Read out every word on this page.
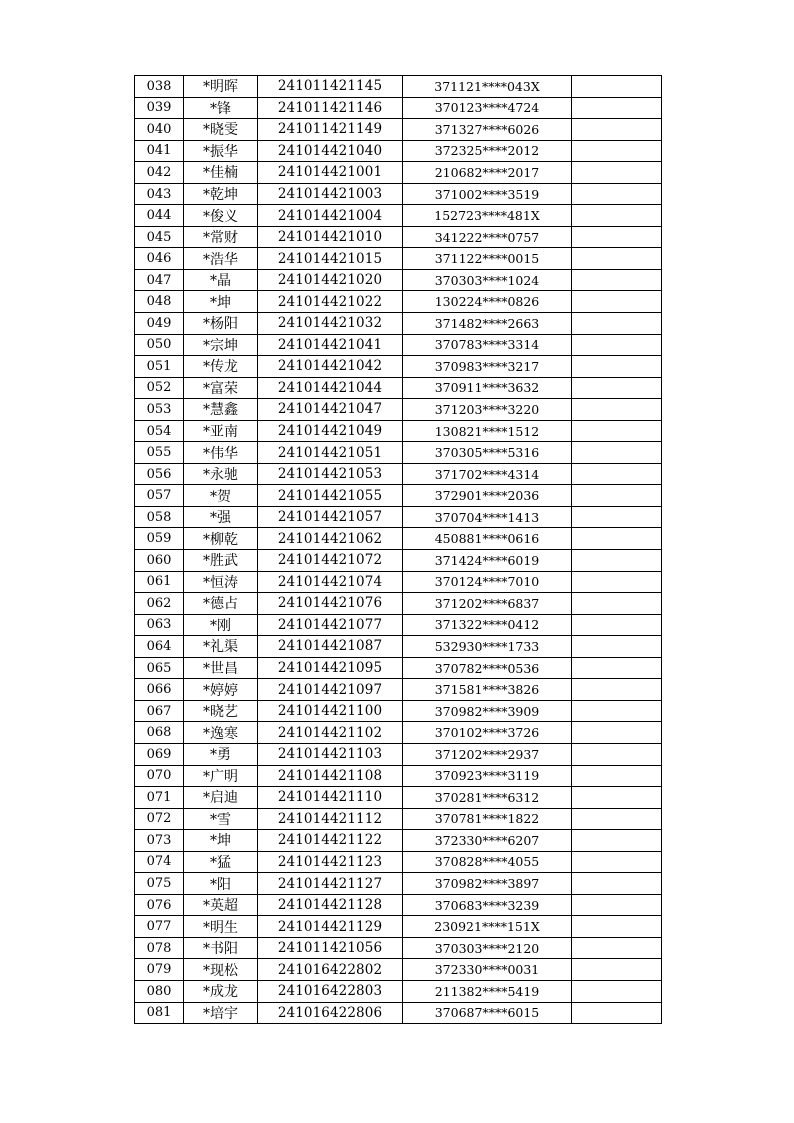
038	*明晖	241011421145	371121****043X	
039	*锋	241011421146	370123****4724	
040	*晓雯	241011421149	371327****6026	
041	*振华	241014421040	372325****2012	
042	*佳楠	241014421001	210682****2017	
043	*乾坤	241014421003	371002****3519	
044	*俊义	241014421004	152723****481X	
045	*常财	241014421010	341222****0757	
046	*浩华	241014421015	371122****0015	
047	*晶	241014421020	370303****1024	
048	*坤	241014421022	130224****0826	
049	*杨阳	241014421032	371482****2663	
050	*宗坤	241014421041	370783****3314	
051	*传龙	241014421042	370983****3217	
052	*富荣	241014421044	370911****3632	
053	*慧鑫	241014421047	371203****3220	
054	*亚南	241014421049	130821****1512	
055	*伟华	241014421051	370305****5316	
056	*永驰	241014421053	371702****4314	
057	*贺	241014421055	372901****2036	
058	*强	241014421057	370704****1413	
059	*柳乾	241014421062	450881****0616	
060	*胜武	241014421072	371424****6019	
061	*恒涛	241014421074	370124****7010	
062	*德占	241014421076	371202****6837	
063	*刚	241014421077	371322****0412	
064	*礼渠	241014421087	532930****1733	
065	*世昌	241014421095	370782****0536	
066	*婷婷	241014421097	371581****3826	
067	*晓艺	241014421100	370982****3909	
068	*逸寒	241014421102	370102****3726	
069	*勇	241014421103	371202****2937	
070	*广明	241014421108	370923****3119	
071	*启迪	241014421110	370281****6312	
072	*雪	241014421112	370781****1822	
073	*坤	241014421122	372330****6207	
074	*猛	241014421123	370828****4055	
075	*阳	241014421127	370982****3897	
076	*英超	241014421128	370683****3239	
077	*明生	241014421129	230921****151X	
078	*书阳	241011421056	370303****2120	
079	*现松	241016422802	372330****0031	
080	*成龙	241016422803	211382****5419	
081	*培宇	241016422806	370687****6015	
